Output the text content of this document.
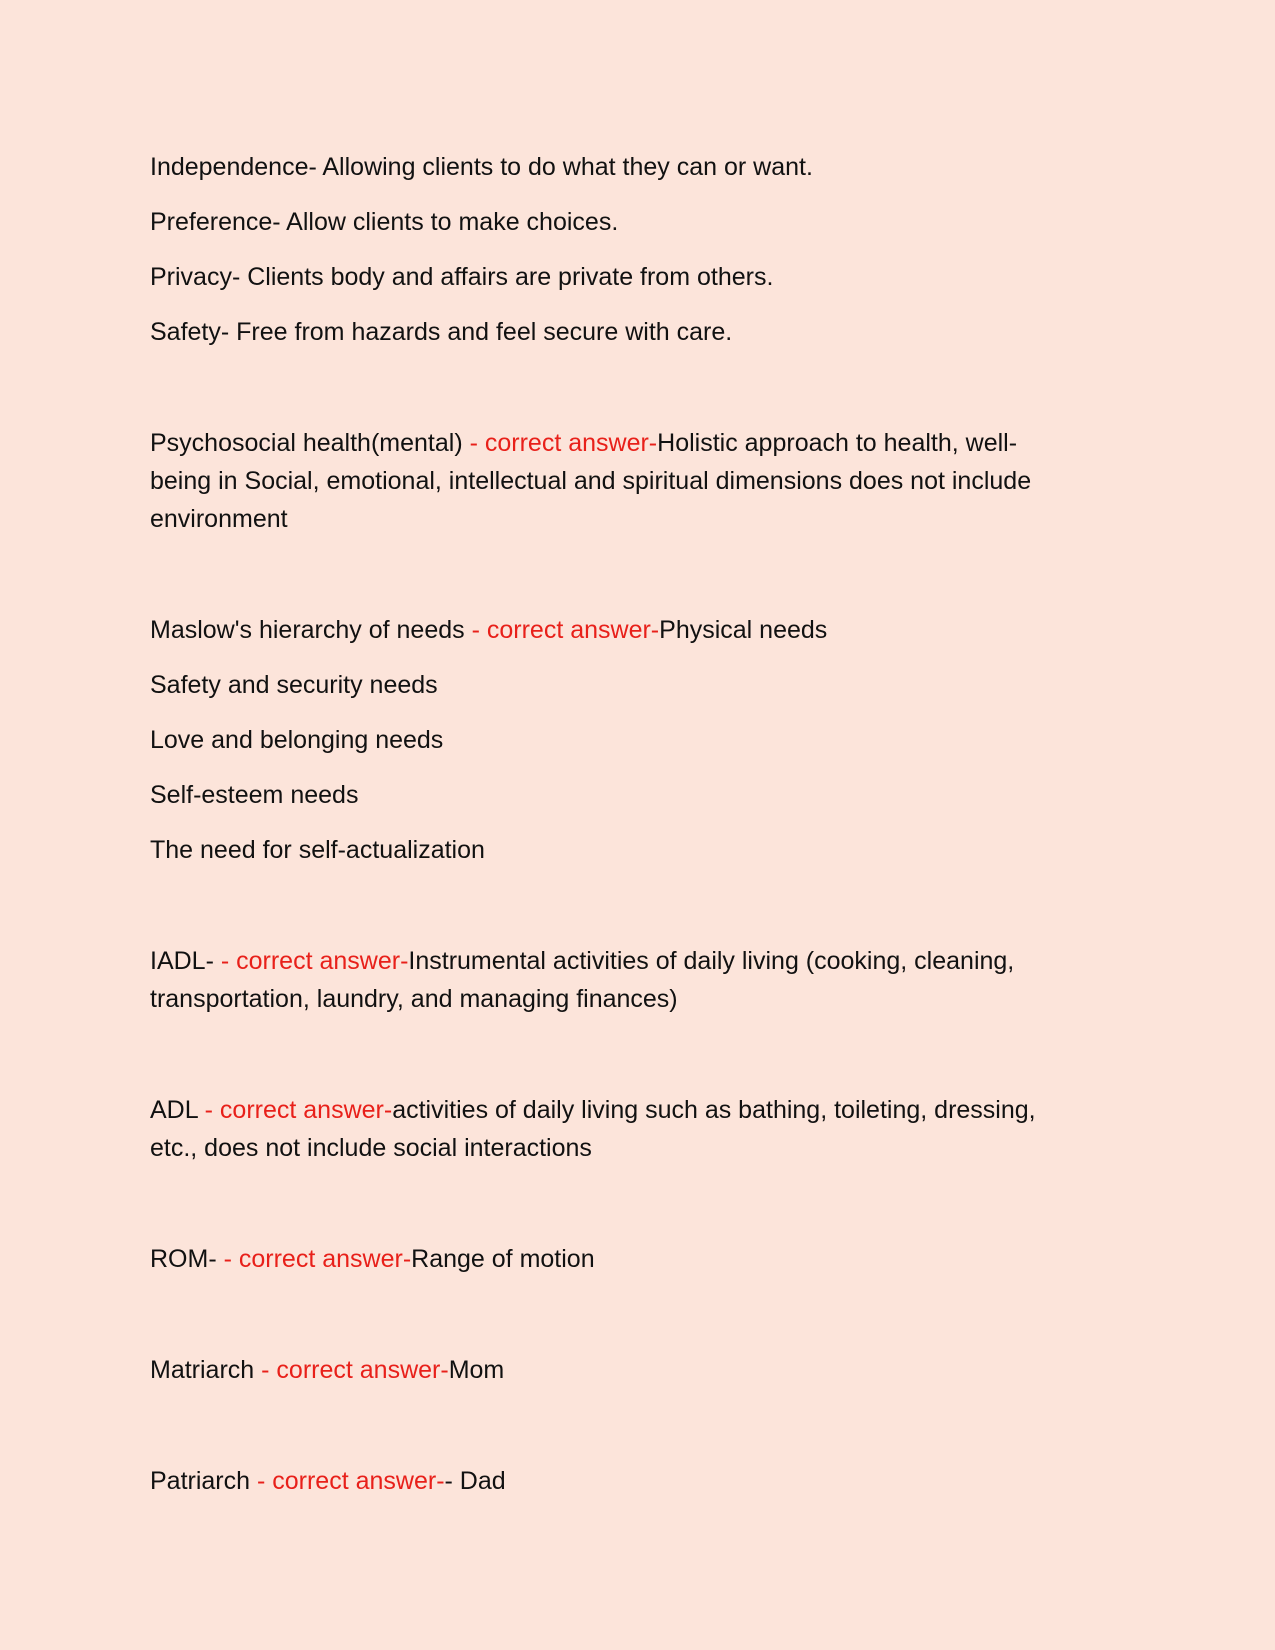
Independence- Allowing clients to do what they can or want.

Preference- Allow clients to make choices.

Privacy- Clients body and affairs are private from others.

Safety- Free from hazards and feel secure with care.

Psychosocial health(mental) - correct answer-Holistic approach to health, well-being in Social, emotional, intellectual and spiritual dimensions does not include environment

Maslow's hierarchy of needs - correct answer-Physical needs

Safety and security needs

Love and belonging needs

Self-esteem needs

The need for self-actualization

IADL- - correct answer-Instrumental activities of daily living (cooking, cleaning, transportation, laundry, and managing finances)

ADL - correct answer-activities of daily living such as bathing, toileting, dressing, etc., does not include social interactions

ROM- - correct answer-Range of motion

Matriarch - correct answer-Mom

Patriarch - correct answer-- Dad
